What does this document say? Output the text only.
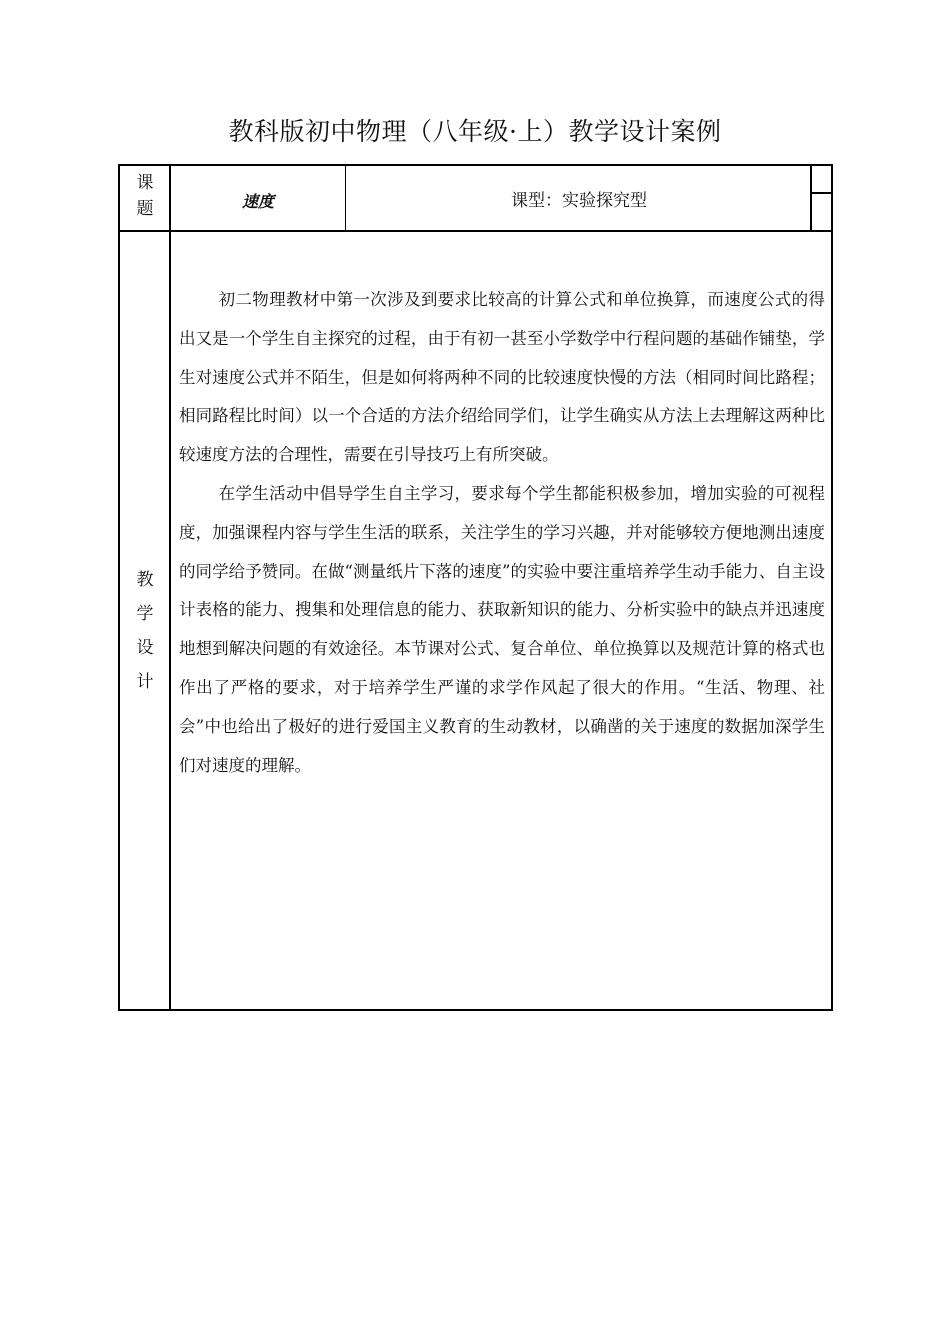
教科版初中物理（八年级·上）教学设计案例
课
题	速度	课型：实验探究型
教
学
设
计

初二物理教材中第一次涉及到要求比较高的计算公式和单位换算，而速度公式的得出又是一个学生自主探究的过程，由于有初一甚至小学数学中行程问题的基础作铺垫，学生对速度公式并不陌生，但是如何将两种不同的比较速度快慢的方法（相同时间比路程；相同路程比时间）以一个合适的方法介绍给同学们，让学生确实从方法上去理解这两种比较速度方法的合理性，需要在引导技巧上有所突破。

在学生活动中倡导学生自主学习，要求每个学生都能积极参加，增加实验的可视程度，加强课程内容与学生生活的联系，关注学生的学习兴趣，并对能够较方便地测出速度的同学给予赞同。在做“测量纸片下落的速度”的实验中要注重培养学生动手能力、自主设计表格的能力、搜集和处理信息的能力、获取新知识的能力、分析实验中的缺点并迅速度地想到解决问题的有效途径。本节课对公式、复合单位、单位换算以及规范计算的格式也作出了严格的要求，对于培养学生严谨的求学作风起了很大的作用。“生活、物理、社会”中也给出了极好的进行爱国主义教育的生动教材，以确凿的关于速度的数据加深学生们对速度的理解。
